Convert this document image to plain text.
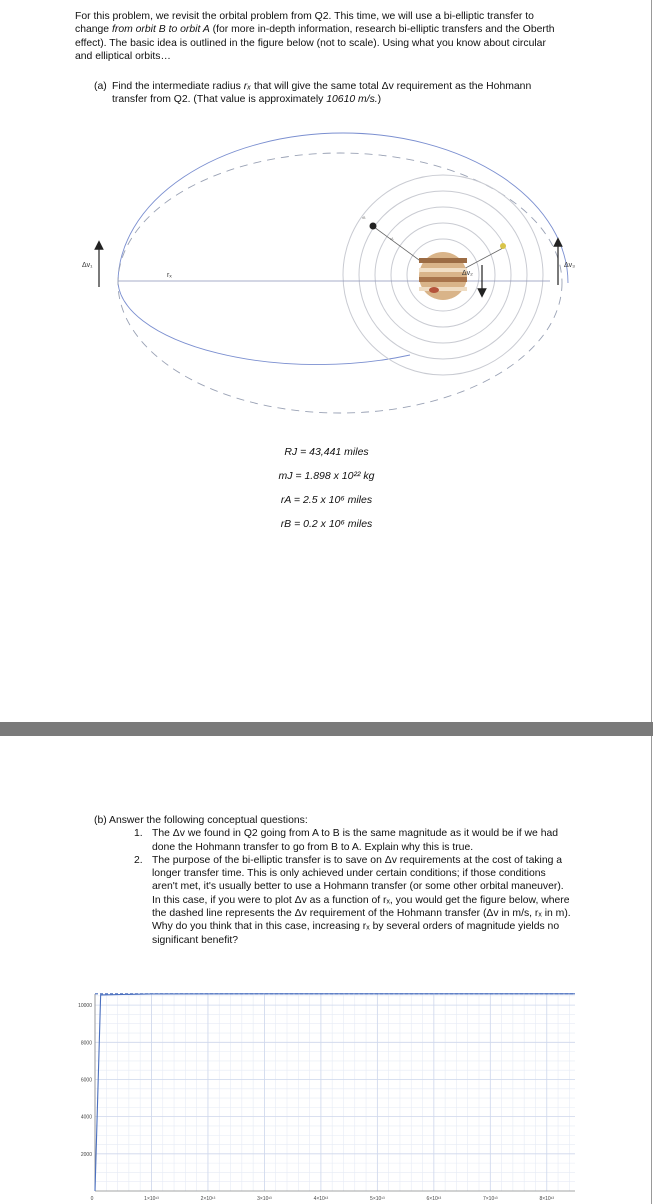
For this problem, we revisit the orbital problem from Q2. This time, we will use a bi-elliptic transfer to change from orbit B to orbit A (for more in-depth information, research bi-elliptic transfers and the Oberth effect). The basic idea is outlined in the figure below (not to scale). Using what you know about circular and elliptical orbits…

(a) Find the intermediate radius rₓ that will give the same total Δv requirement as the Hohmann transfer from Q2. (That value is approximately 10610 m/s.)
Δv₁
rₓ	Δv₂
Δv₃
rB
rA
RJ = 43,441 miles
mJ = 1.898 x 10²² kg
rA = 2.5 x 10⁶ miles
rB = 0.2 x 10⁶ miles
(b) Answer the following conceptual questions:
1. The Δv we found in Q2 going from A to B is the same magnitude as it would be if we had done the Hohmann transfer to go from B to A. Explain why this is true.
2. The purpose of the bi-elliptic transfer is to save on Δv requirements at the cost of taking a longer transfer time. This is only achieved under certain conditions; if those conditions aren't met, it's usually better to use a Hohmann transfer (or some other orbital maneuver). In this case, if you were to plot Δv as a function of rₓ, you would get the figure below, where the dashed line represents the Δv requirement of the Hohmann transfer (Δv in m/s, rₓ in m). Why do you think that in this case, increasing rₓ by several orders of magnitude yields no significant benefit?
2000
4000
6000
8000
10000
0	1×10¹³	2×10¹³	3×10¹³	4×10¹³	5×10¹³	6×10¹³	7×10¹³	8×10¹³
